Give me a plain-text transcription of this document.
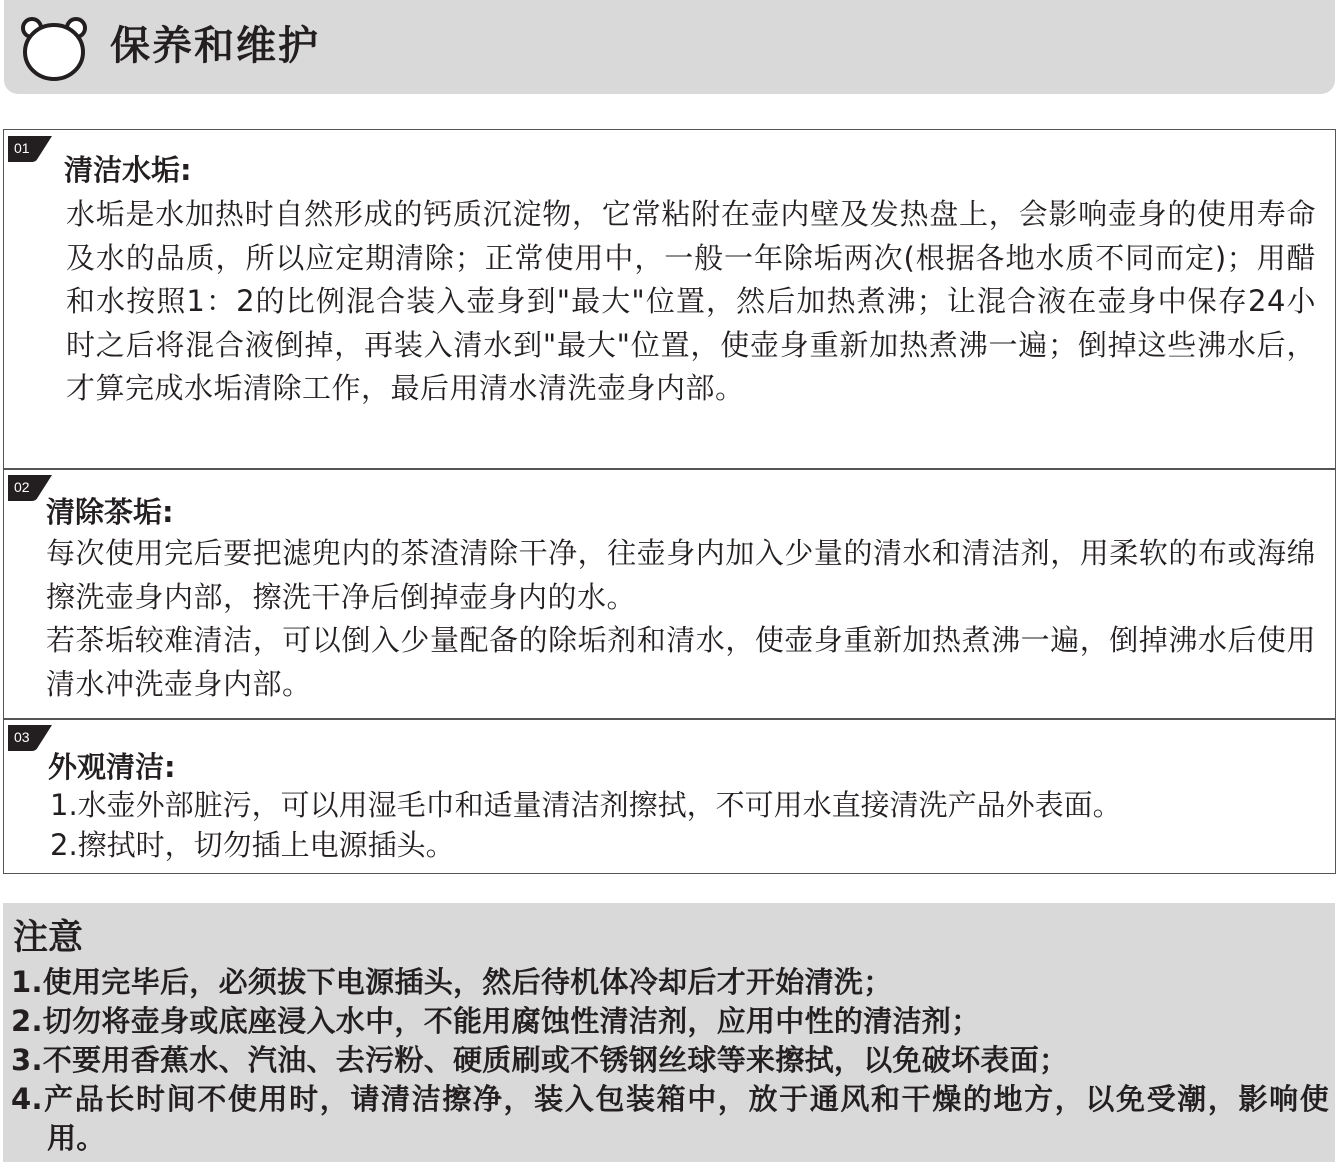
保养和维护
01
清洁水垢:

水垢是水加热时自然形成的钙质沉淀物，它常粘附在壶内壁及发热盘上，会影响壶身的使用寿命及水的品质，所以应定期清除；正常使用中，一般一年除垢两次(根据各地水质不同而定)；用醋和水按照1：2的比例混合装入壶身到"最大"位置，然后加热煮沸；让混合液在壶身中保存24小时之后将混合液倒掉，再装入清水到"最大"位置，使壶身重新加热煮沸一遍；倒掉这些沸水后，才算完成水垢清除工作，最后用清水清洗壶身内部。

02
清除茶垢:

每次使用完后要把滤兜内的茶渣清除干净，往壶身内加入少量的清水和清洁剂，用柔软的布或海绵擦洗壶身内部，擦洗干净后倒掉壶身内的水。

若茶垢较难清洁，可以倒入少量配备的除垢剂和清水，使壶身重新加热煮沸一遍，倒掉沸水后使用清水冲洗壶身内部。

03
外观清洁:

1.水壶外部脏污，可以用湿毛巾和适量清洁剂擦拭，不可用水直接清洗产品外表面。

2.擦拭时，切勿插上电源插头。

注意
1.使用完毕后，必须拔下电源插头，然后待机体冷却后才开始清洗；
2.切勿将壶身或底座浸入水中，不能用腐蚀性清洁剂，应用中性的清洁剂；
3.不要用香蕉水、汽油、去污粉、硬质刷或不锈钢丝球等来擦拭，以免破坏表面；
4.产品长时间不使用时，请清洁擦净，装入包装箱中，放于通风和干燥的地方，以免受潮，影响使用。
